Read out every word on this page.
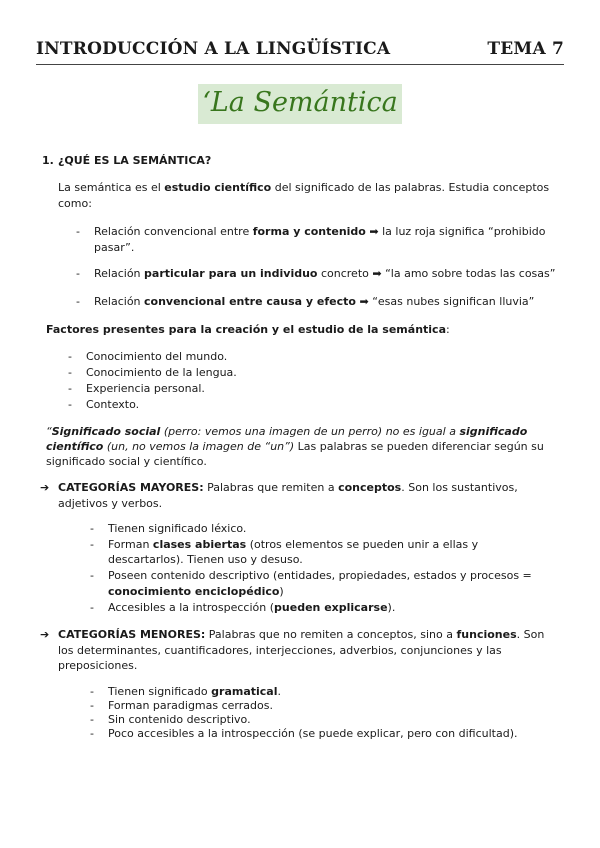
INTRODUCCIÓN A LA LINGÜÍSTICA	TEMA 7
‘La Semántica
1. ¿QUÉ ES LA SEMÁNTICA?
La semántica es el estudio científico del significado de las palabras. Estudia conceptos
como:
- Relación convencional entre forma y contenido ➡ la luz roja significa “prohibido
pasar”.
- Relación particular para un individuo concreto ➡ “la amo sobre todas las cosas”
- Relación convencional entre causa y efecto ➡ “esas nubes significan lluvia”
Factores presentes para la creación y el estudio de la semántica:
- Conocimiento del mundo.
- Conocimiento de la lengua.
- Experiencia personal.
- Contexto.
“Significado social (perro: vemos una imagen de un perro) no es igual a significado
científico (un, no vemos la imagen de “un”) Las palabras se pueden diferenciar según su
significado social y científico.
➔ CATEGORÍAS MAYORES: Palabras que remiten a conceptos. Son los sustantivos,
adjetivos y verbos.
- Tienen significado léxico.
- Forman clases abiertas (otros elementos se pueden unir a ellas y
descartarlos). Tienen uso y desuso.
- Poseen contenido descriptivo (entidades, propiedades, estados y procesos =
conocimiento enciclopédico)
- Accesibles a la introspección (pueden explicarse).
➔ CATEGORÍAS MENORES: Palabras que no remiten a conceptos, sino a funciones. Son
los determinantes, cuantificadores, interjecciones, adverbios, conjunciones y las
preposiciones.
- Tienen significado gramatical.
- Forman paradigmas cerrados.
- Sin contenido descriptivo.
- Poco accesibles a la introspección (se puede explicar, pero con dificultad).
